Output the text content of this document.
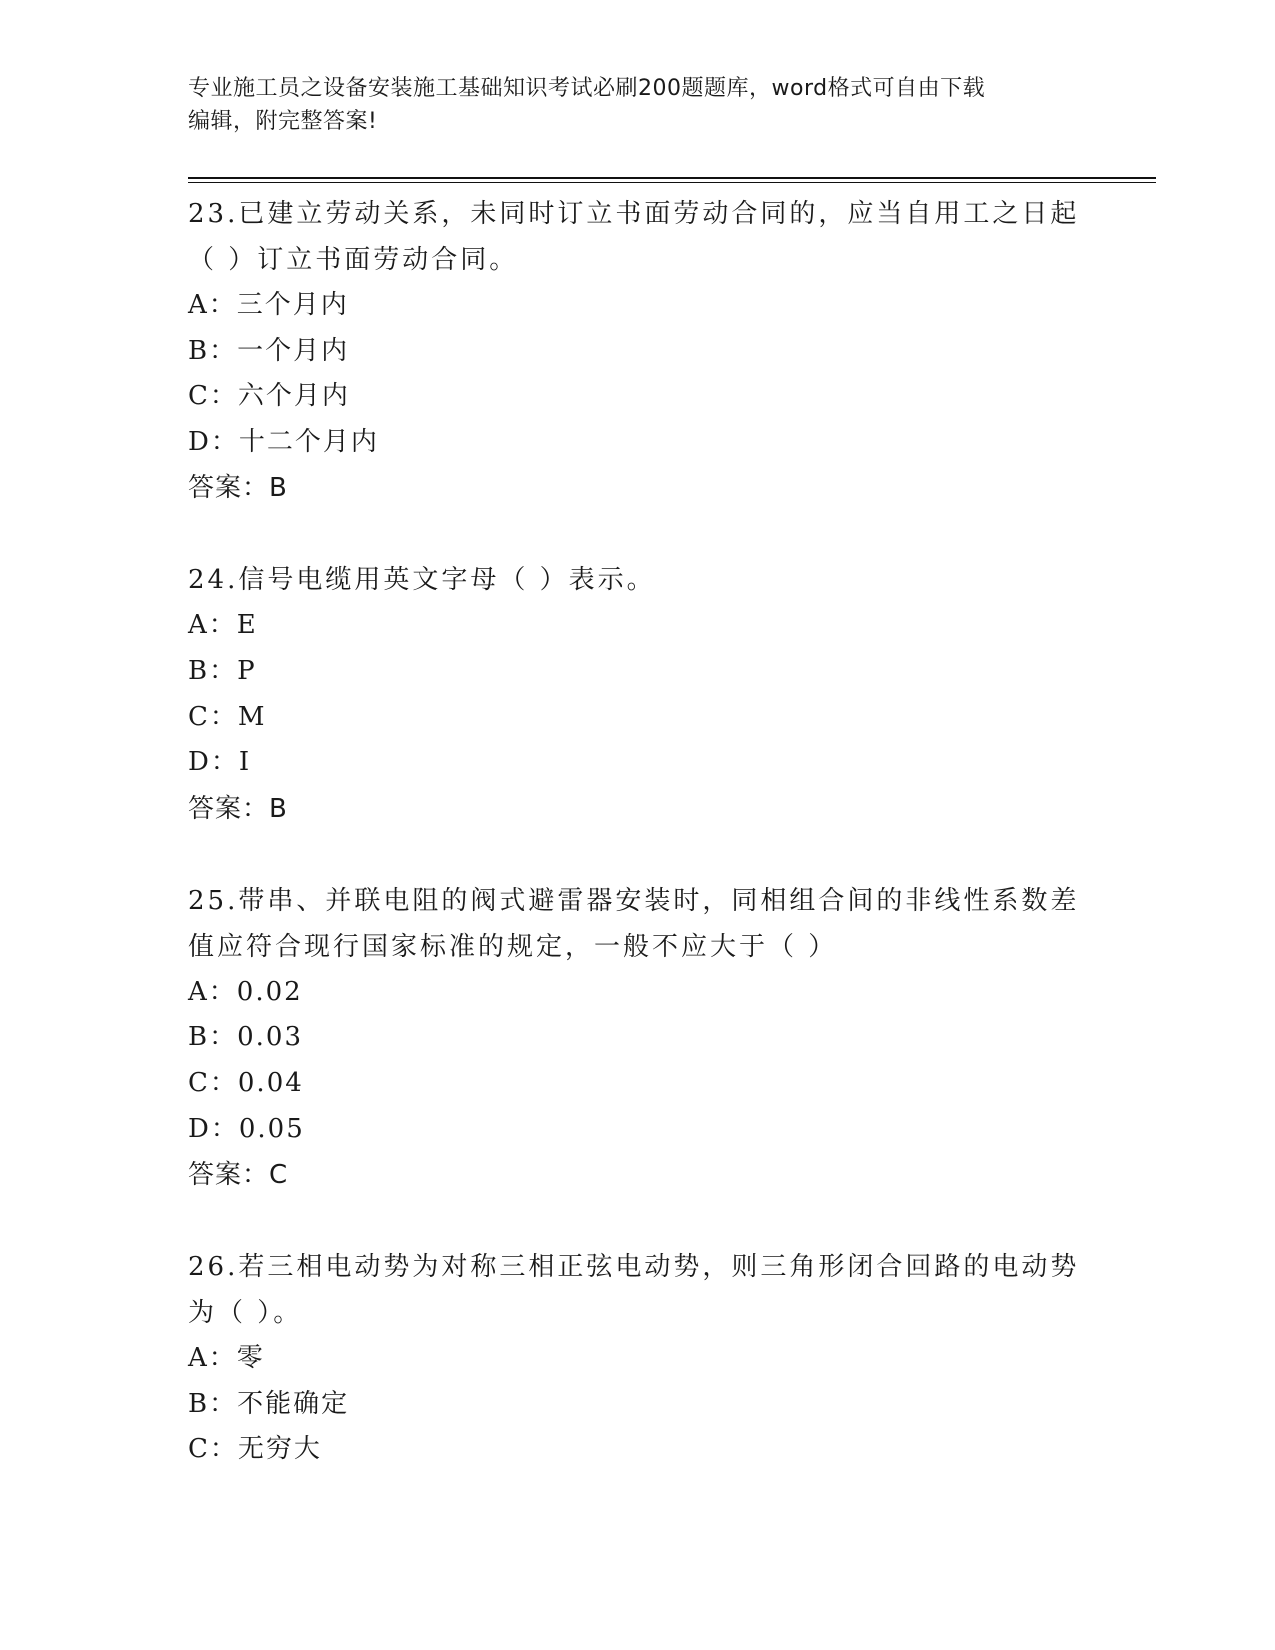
专业施工员之设备安装施工基础知识考试必刷200题题库，word格式可自由下载
编辑，附完整答案!
23.已建立劳动关系，未同时订立书面劳动合同的，应当自用工之日起
（ ）订立书面劳动合同。
A：三个月内
B：一个月内
C：六个月内
D：十二个月内
答案：B
24.信号电缆用英文字母（ ）表示。
A：E
B：P
C：M
D：I
答案：B
25.带串、并联电阻的阀式避雷器安装时，同相组合间的非线性系数差
值应符合现行国家标准的规定，一般不应大于（ ）
A：0.02
B：0.03
C：0.04
D：0.05
答案：C
26.若三相电动势为对称三相正弦电动势，则三角形闭合回路的电动势
为（ ）。
A：零
B：不能确定
C：无穷大
